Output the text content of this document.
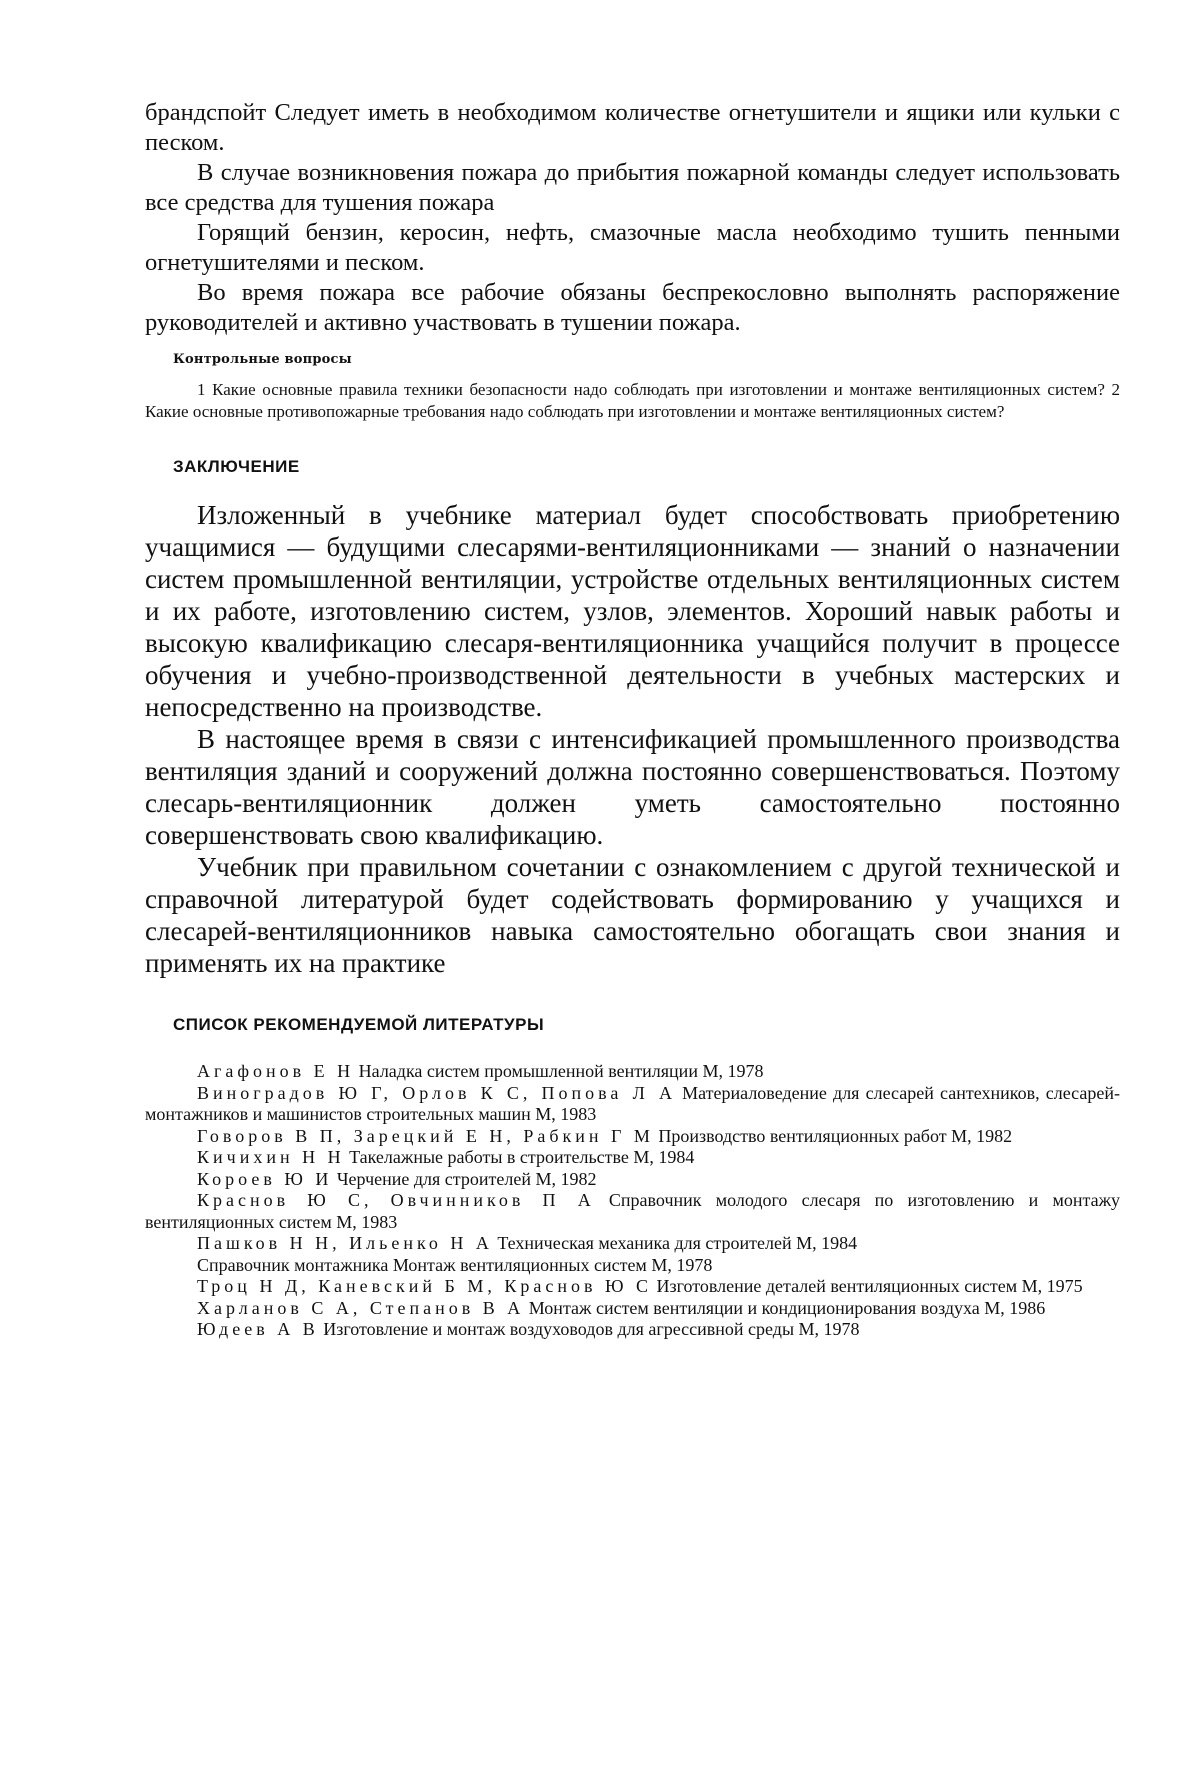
брандспойт Следует иметь в необходимом количестве огнетушители и ящики или кульки с песком.

В случае возникновения пожара до прибытия пожарной команды следует использовать все средства для тушения пожара

Горящий бензин, керосин, нефть, смазочные масла необходимо тушить пенными огнетушителями и песком.

Во время пожара все рабочие обязаны беспрекословно выполнять распоряжение руководителей и активно участвовать в тушении пожара.

Контрольные вопросы

1 Какие основные правила техники безопасности надо соблюдать при изготовлении и монтаже вентиляционных систем? 2 Какие основные противопожарные требования надо соблюдать при изготовлении и монтаже вентиляционных систем?

ЗАКЛЮЧЕНИЕ

Изложенный в учебнике материал будет способствовать приобретению учащимися — будущими слесарями-вентиляционниками — знаний о назначении систем промышленной вентиляции, устройстве отдельных вентиляционных систем и их работе, изготовлению систем, узлов, элементов. Хороший навык работы и высокую квалификацию слесаря-вентиляционника учащийся получит в процессе обучения и учебно-производственной деятельности в учебных мастерских и непосредственно на производстве.

В настоящее время в связи с интенсификацией промышленного производства вентиляция зданий и сооружений должна постоянно совершенствоваться. Поэтому слесарь-вентиляционник должен уметь самостоятельно постоянно совершенствовать свою квалификацию.

Учебник при правильном сочетании с ознакомлением с другой технической и справочной литературой будет содействовать формированию у учащихся и слесарей-вентиляционников навыка самостоятельно обогащать свои знания и применять их на практике

СПИСОК РЕКОМЕНДУЕМОЙ ЛИТЕРАТУРЫ

Агафонов Е Н Наладка систем промышленной вентиляции М, 1978

Виноградов Ю Г, Орлов К С, Попова Л А Материаловедение для слесарей сантехников, слесарей-монтажников и машинистов строительных машин М, 1983

Говоров В П, Зарецкий Е Н, Рабкин Г М Производство вентиляционных работ М, 1982

Кичихин Н Н Такелажные работы в строительстве М, 1984

Короев Ю И Черчение для строителей М, 1982

Краснов Ю С, Овчинников П А Справочник молодого слесаря по изготовлению и монтажу вентиляционных систем М, 1983

Пашков Н Н, Ильенко Н А Техническая механика для строителей М, 1984

Справочник монтажника Монтаж вентиляционных систем М, 1978

Троц Н Д, Каневский Б М, Краснов Ю С Изготовление деталей вентиляционных систем М, 1975

Харланов С А, Степанов В А Монтаж систем вентиляции и кондиционирования воздуха М, 1986

Юдеев А В Изготовление и монтаж воздуховодов для агрессивной среды М, 1978
